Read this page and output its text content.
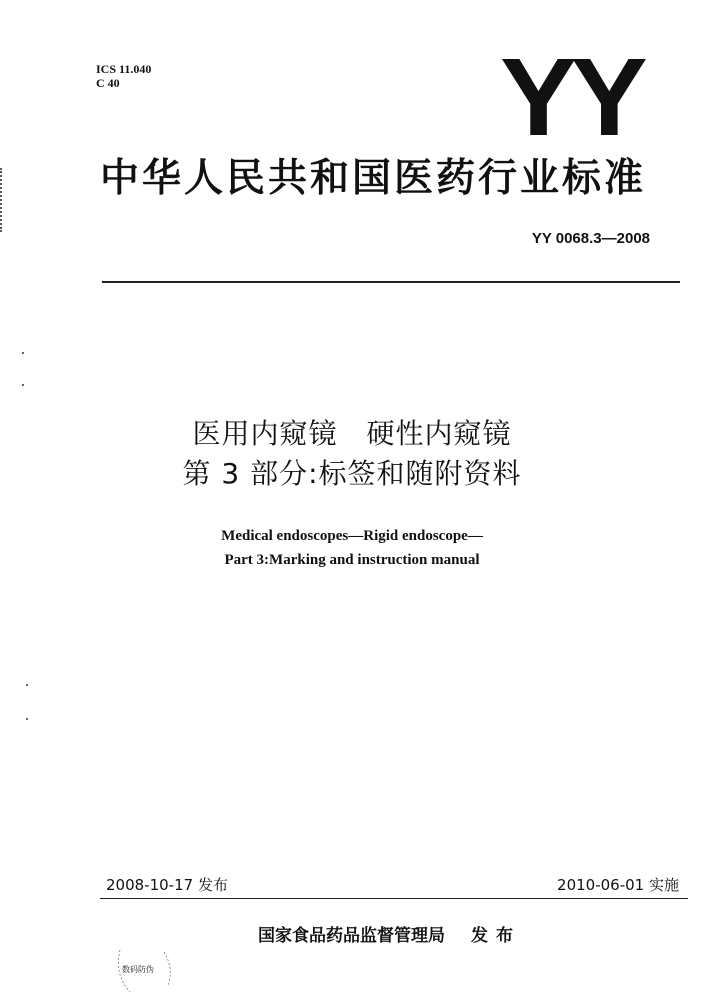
ICS 11.040
C 40	YY
中华人民共和国医药行业标准
YY 0068.3—2008
医用内窥镜　硬性内窥镜
第 3 部分:标签和随附资料
Medical endoscopes—Rigid endoscope—
Part 3:Marking and instruction manual
2008-10-17 发布	2010-06-01 实施
国家食品药品监督管理局 发布
数码防伪
